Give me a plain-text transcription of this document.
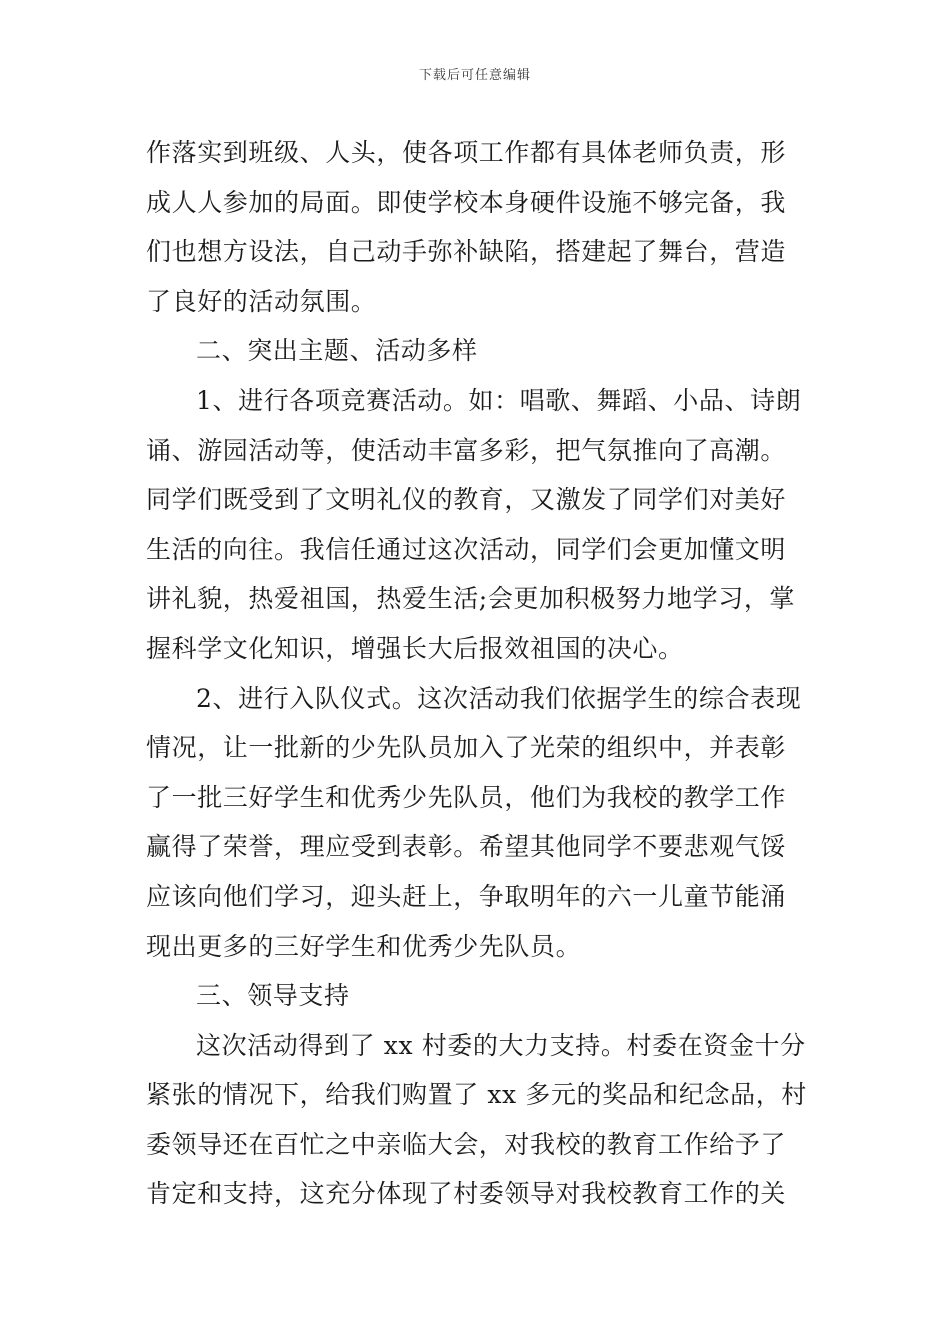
下载后可任意编辑
作落实到班级、人头，使各项工作都有具体老师负责，形
成人人参加的局面。即使学校本身硬件设施不够完备，我
们也想方设法，自己动手弥补缺陷，搭建起了舞台，营造
了良好的活动氛围。
二、突出主题、活动多样
1、进行各项竞赛活动。如：唱歌、舞蹈、小品、诗朗
诵、游园活动等，使活动丰富多彩，把气氛推向了高潮。
同学们既受到了文明礼仪的教育，又激发了同学们对美好
生活的向往。我信任通过这次活动，同学们会更加懂文明
讲礼貌，热爱祖国，热爱生活;会更加积极努力地学习，掌
握科学文化知识，增强长大后报效祖国的决心。
2、进行入队仪式。这次活动我们依据学生的综合表现
情况，让一批新的少先队员加入了光荣的组织中，并表彰
了一批三好学生和优秀少先队员，他们为我校的教学工作
赢得了荣誉，理应受到表彰。希望其他同学不要悲观气馁
应该向他们学习，迎头赶上，争取明年的六一儿童节能涌
现出更多的三好学生和优秀少先队员。
三、领导支持
这次活动得到了 xx 村委的大力支持。村委在资金十分
紧张的情况下，给我们购置了 xx 多元的奖品和纪念品，村
委领导还在百忙之中亲临大会，对我校的教育工作给予了
肯定和支持，这充分体现了村委领导对我校教育工作的关
